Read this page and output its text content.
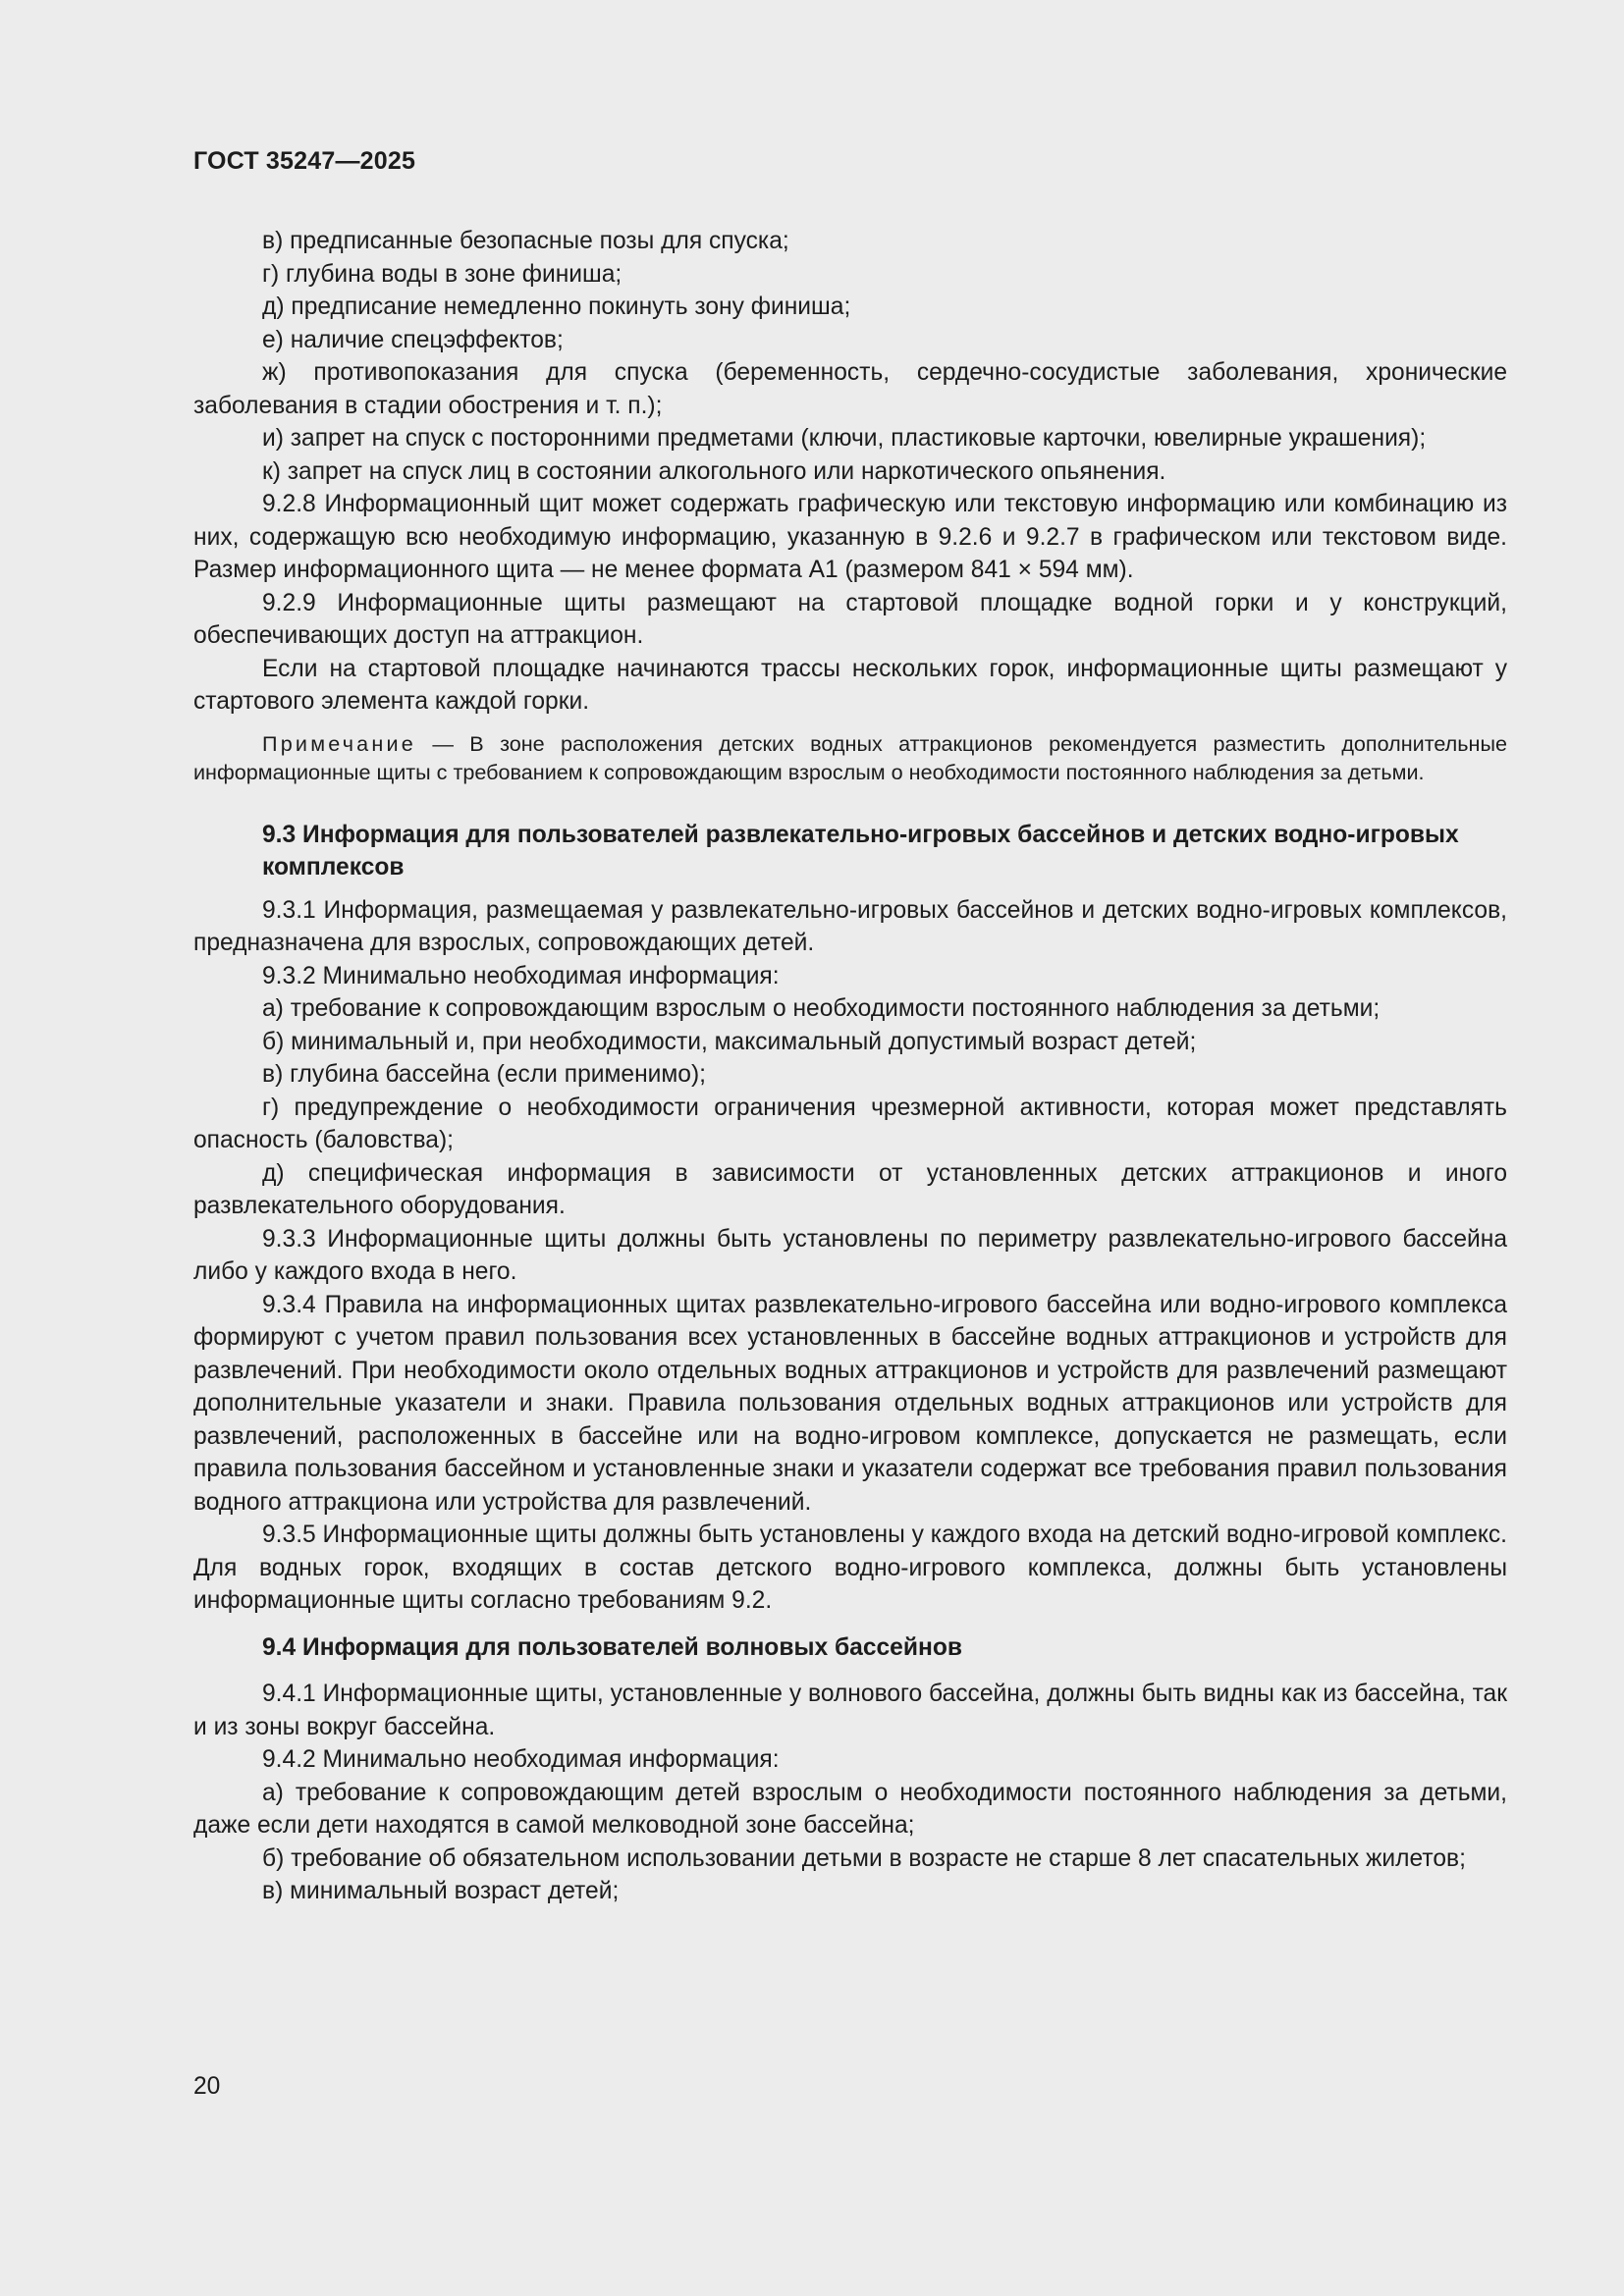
ГОСТ 35247—2025

в) предписанные безопасные позы для спуска;

г) глубина воды в зоне финиша;

д) предписание немедленно покинуть зону финиша;

е) наличие спецэффектов;

ж) противопоказания для спуска (беременность, сердечно-сосудистые заболевания, хронические заболевания в стадии обострения и т. п.);

и) запрет на спуск с посторонними предметами (ключи, пластиковые карточки, ювелирные украшения);

к) запрет на спуск лиц в состоянии алкогольного или наркотического опьянения.

9.2.8 Информационный щит может содержать графическую или текстовую информацию или комбинацию из них, содержащую всю необходимую информацию, указанную в 9.2.6 и 9.2.7 в графическом или текстовом виде. Размер информационного щита — не менее формата А1 (размером 841 × 594 мм).

9.2.9 Информационные щиты размещают на стартовой площадке водной горки и у конструкций, обеспечивающих доступ на аттракцион.

Если на стартовой площадке начинаются трассы нескольких горок, информационные щиты размещают у стартового элемента каждой горки.

Примечание — В зоне расположения детских водных аттракционов рекомендуется разместить дополнительные информационные щиты с требованием к сопровождающим взрослым о необходимости постоянного наблюдения за детьми.

9.3 Информация для пользователей развлекательно-игровых бассейнов и детских водно-игровых комплексов

9.3.1 Информация, размещаемая у развлекательно-игровых бассейнов и детских водно-игровых комплексов, предназначена для взрослых, сопровождающих детей.

9.3.2 Минимально необходимая информация:

а) требование к сопровождающим взрослым о необходимости постоянного наблюдения за детьми;

б) минимальный и, при необходимости, максимальный допустимый возраст детей;

в) глубина бассейна (если применимо);

г) предупреждение о необходимости ограничения чрезмерной активности, которая может представлять опасность (баловства);

д) специфическая информация в зависимости от установленных детских аттракционов и иного развлекательного оборудования.

9.3.3 Информационные щиты должны быть установлены по периметру развлекательно-игрового бассейна либо у каждого входа в него.

9.3.4 Правила на информационных щитах развлекательно-игрового бассейна или водно-игрового комплекса формируют с учетом правил пользования всех установленных в бассейне водных аттракционов и устройств для развлечений. При необходимости около отдельных водных аттракционов и устройств для развлечений размещают дополнительные указатели и знаки. Правила пользования отдельных водных аттракционов или устройств для развлечений, расположенных в бассейне или на водно-игровом комплексе, допускается не размещать, если правила пользования бассейном и установленные знаки и указатели содержат все требования правил пользования водного аттракциона или устройства для развлечений.

9.3.5 Информационные щиты должны быть установлены у каждого входа на детский водно-игровой комплекс. Для водных горок, входящих в состав детского водно-игрового комплекса, должны быть установлены информационные щиты согласно требованиям 9.2.

9.4 Информация для пользователей волновых бассейнов

9.4.1 Информационные щиты, установленные у волнового бассейна, должны быть видны как из бассейна, так и из зоны вокруг бассейна.

9.4.2 Минимально необходимая информация:

а) требование к сопровождающим детей взрослым о необходимости постоянного наблюдения за детьми, даже если дети находятся в самой мелководной зоне бассейна;

б) требование об обязательном использовании детьми в возрасте не старше 8 лет спасательных жилетов;

в) минимальный возраст детей;

20
